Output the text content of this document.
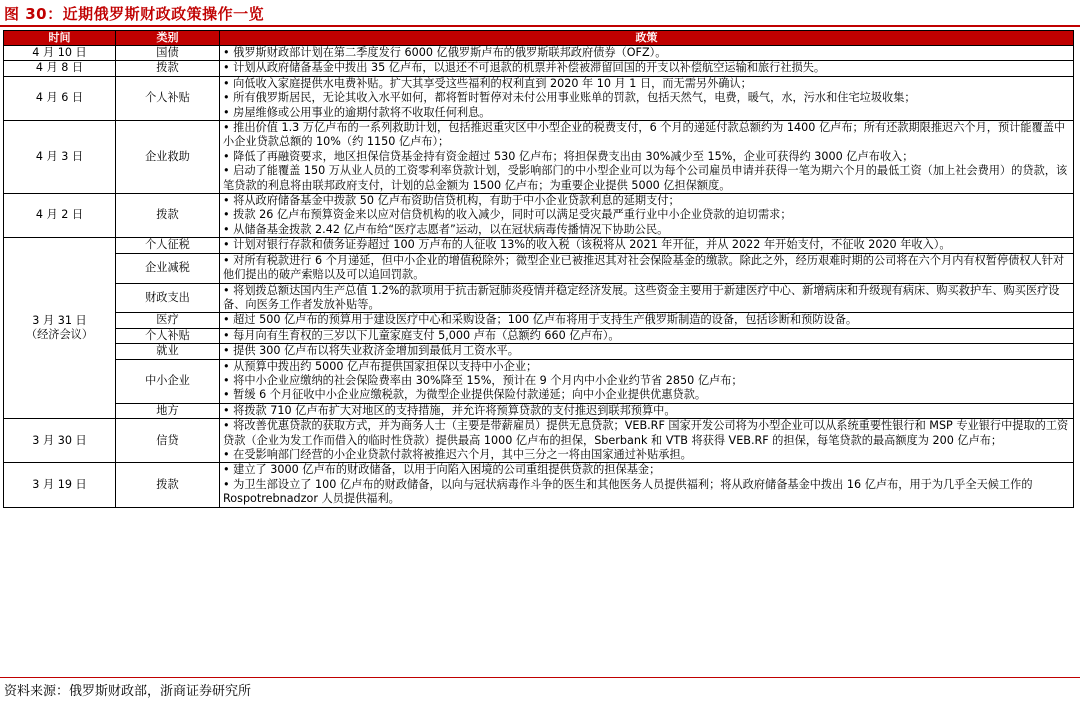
图 30：近期俄罗斯财政政策操作一览
时间	类别	政策
4 月 10 日	国债	• 俄罗斯财政部计划在第二季度发行 6000 亿俄罗斯卢布的俄罗斯联邦政府债券（OFZ）。

4 月 8 日	拨款	• 计划从政府储备基金中拨出 35 亿卢布，以退还不可退款的机票并补偿被滞留回国的开支以补偿航空运输和旅行社损失。

4 月 6 日	个人补贴	• 向低收入家庭提供水电费补贴。扩大其享受这些福利的权利直到 2020 年 10 月 1 日，而无需另外确认；
• 所有俄罗斯居民，无论其收入水平如何，都将暂时暂停对未付公用事业账单的罚款，包括天然气，电费，暖气，水，污水和住宅垃圾收集；
• 房屋维修或公用事业的逾期付款将不收取任何利息。

4 月 3 日	企业救助	• 推出价值 1.3 万亿卢布的一系列救助计划，包括推迟重灾区中小型企业的税费支付，6 个月的递延付款总额约为 1400 亿卢布；所有还款期限推迟六个月，预计能覆盖中小企业贷款总额的 10%（约 1150 亿卢布）；
• 降低了再融资要求，地区担保信贷基金持有资金超过 530 亿卢布；将担保费支出由 30%减少至 15%，企业可获得约 3000 亿卢布收入；
• 启动了能覆盖 150 万从业人员的工资零利率贷款计划，受影响部门的中小型企业可以为每个公司雇员申请并获得一笔为期六个月的最低工资（加上社会费用）的贷款，该笔贷款的利息将由联邦政府支付，计划的总金额为 1500 亿卢布；为重要企业提供 5000 亿担保额度。

4 月 2 日	拨款	• 将从政府储备基金中拨款 50 亿卢布资助信贷机构，有助于中小企业贷款利息的延期支付；
• 拨款 26 亿卢布预算资金来以应对信贷机构的收入减少，同时可以满足受灾最严重行业中小企业贷款的迫切需求；
• 从储备基金拨款 2.42 亿卢布给“医疗志愿者”运动，以在冠状病毒传播情况下协助公民。

3 月 31 日
（经济会议）	个人征税	• 计划对银行存款和债务证券超过 100 万卢布的人征收 13%的收入税（该税将从 2021 年开征，并从 2022 年开始支付，不征收 2020 年收入）。

	企业减税	• 对所有税款进行 6 个月递延，但中小企业的增值税除外；微型企业已被推迟其对社会保险基金的缴款。除此之外，经历艰难时期的公司将在六个月内有权暂停债权人针对他们提出的破产索赔以及可以追回罚款。

	财政支出	• 将划拨总额达国内生产总值 1.2%的款项用于抗击新冠肺炎疫情并稳定经济发展。这些资金主要用于新建医疗中心、新增病床和升级现有病床、购买救护车、购买医疗设备、向医务工作者发放补贴等。

	医疗	• 超过 500 亿卢布的预算用于建设医疗中心和采购设备；100 亿卢布将用于支持生产俄罗斯制造的设备，包括诊断和预防设备。

	个人补贴	• 每月向有生育权的三岁以下儿童家庭支付 5,000 卢布（总额约 660 亿卢布）。

	就业	• 提供 300 亿卢布以将失业救济金增加到最低月工资水平。

	中小企业	• 从预算中拨出约 5000 亿卢布提供国家担保以支持中小企业；
• 将中小企业应缴纳的社会保险费率由 30%降至 15%，预计在 9 个月内中小企业约节省 2850 亿卢布；
• 暂缓 6 个月征收中小企业应缴税款，为微型企业提供保险付款递延；向中小企业提供优惠贷款。

	地方	• 将拨款 710 亿卢布扩大对地区的支持措施，并允许将预算贷款的支付推迟到联邦预算中。

3 月 30 日	信贷	• 将改善优惠贷款的获取方式，并为商务人士（主要是带薪雇员）提供无息贷款；VEB.RF 国家开发公司将为小型企业可以从系统重要性银行和 MSP 专业银行中提取的工资贷款（企业为发工作而借入的临时性贷款）提供最高 1000 亿卢布的担保，Sberbank 和 VTB 将获得 VEB.RF 的担保，每笔贷款的最高额度为 200 亿卢布；
• 在受影响部门经营的小企业贷款付款将被推迟六个月，其中三分之一将由国家通过补贴承担。

3 月 19 日	拨款	• 建立了 3000 亿卢布的财政储备，以用于向陷入困境的公司重组提供贷款的担保基金；
• 为卫生部设立了 100 亿卢布的财政储备，以向与冠状病毒作斗争的医生和其他医务人员提供福利；将从政府储备基金中拨出 16 亿卢布，用于为几乎全天候工作的 Rospotrebnadzor 人员提供福利。
资料来源：俄罗斯财政部，浙商证券研究所
